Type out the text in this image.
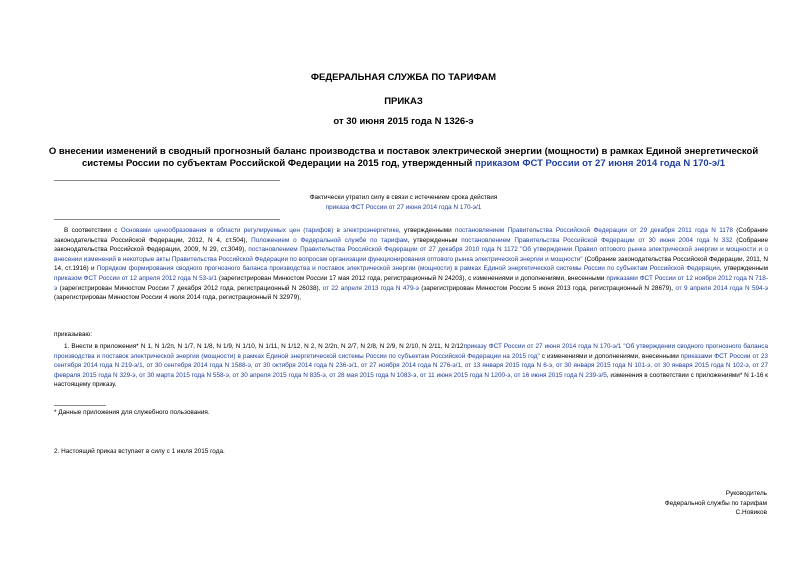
ФЕДЕРАЛЬНАЯ СЛУЖБА ПО ТАРИФАМ
ПРИКАЗ
от 30 июня 2015 года N 1326-э
О внесении изменений в сводный прогнозный баланс производства и поставок электрической энергии (мощности) в рамках Единой энергетической системы России по субъектам Российской Федерации на 2015 год, утвержденный приказом ФСТ России от 27 июня 2014 года N 170-э/1
Фактически утратил силу в связи с истечением срока действия
приказа ФСТ России от 27 июня 2014 года N 170-э/1
В соответствии с Основами ценообразования в области регулируемых цен (тарифов) в электроэнергетике, утвержденными постановлением Правительства Российской Федерации от 29 декабря 2011 года N 1178 (Собрание законодательства Российской Федерации, 2012, N 4, ст.504), Положением о Федеральной службе по тарифам, утвержденным постановлением Правительства Российской Федерации от 30 июня 2004 года N 332 (Собрание законодательства Российской Федерации, 2009, N 29, ст.3049), постановлением Правительства Российской Федерации от 27 декабря 2010 года N 1172 "Об утверждении Правил оптового рынка электрической энергии и мощности и о внесении изменений в некоторые акты Правительства Российской Федерации по вопросам организации функционирования оптового рынка электрической энергии и мощности" (Собрание законодательства Российской Федерации, 2011, N 14, ст.1916) и Порядком формирования сводного прогнозного баланса производства и поставок электрической энергии (мощности) в рамках Единой энергетической системы России по субъектам Российской Федерации, утвержденным приказом ФСТ России от 12 апреля 2012 года N 53-э/1 (зарегистрирован Минюстом России 17 мая 2012 года, регистрационный N 24203), с изменениями и дополнениями, внесенными приказами ФСТ России от 12 ноября 2012 года N 718-э (зарегистрирован Минюстом России 7 декабря 2012 года, регистрационный N 26038), от 22 апреля 2013 года N 479-э (зарегистрирован Минюстом России 5 июня 2013 года, регистрационный N 28679), от 9 апреля 2014 года N 594-э (зарегистрирован Минюстом России 4 июля 2014 года, регистрационный N 32979),
приказываю:
1. Внести в приложения* N 1, N 1/2п, N 1/7, N 1/8, N 1/9, N 1/10, N 1/11, N 1/12, N 2, N 2/2п, N 2/7, N 2/8, N 2/9, N 2/10, N 2/11, N 2/12приказу ФСТ России от 27 июня 2014 года N 170-э/1 "Об утверждении сводного прогнозного баланса производства и поставок электрической энергии (мощности) в рамках Единой энергетической системы России по субъектам Российской Федерации на 2015 год" с изменениями и дополнениями, внесенными приказами ФСТ России от 23 сентября 2014 года N 219-э/1, от 30 сентября 2014 года N 1588-э, от 30 октября 2014 года N 236-э/1, от 27 ноября 2014 года N 276-э/1, от 13 января 2015 года N 6-э, от 30 января 2015 года N 101-э, от 30 января 2015 года N 102-э, от 27 февраля 2015 года N 329-э, от 30 марта 2015 года N 558-э, от 30 апреля 2015 года N 835-э, от 28 мая 2015 года N 1083-э, от 11 июня 2015 года N 1200-э, от 16 июня 2015 года N 239-э/5, изменения в соответствии с приложениями* N 1-16 к настоящему приказу.
* Данные приложения для служебного пользования.
2. Настоящий приказ вступает в силу с 1 июля 2015 года.
Руководитель
Федеральной службы по тарифам
С.Новиков
